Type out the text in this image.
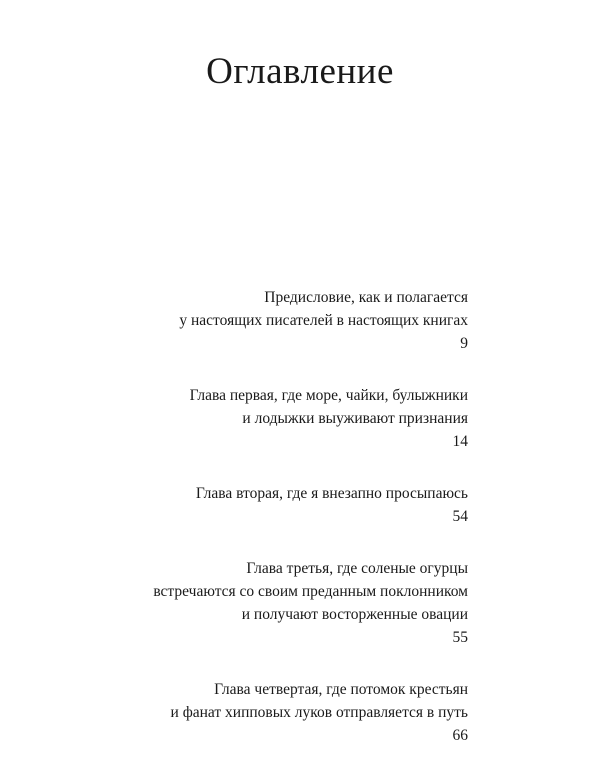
Оглавление
Предисловие, как и полагается
у настоящих писателей в настоящих книгах
9
Глава первая, где море, чайки, булыжники
и лодыжки выуживают признания
14
Глава вторая, где я внезапно просыпаюсь
54
Глава третья, где соленые огурцы
встречаются со своим преданным поклонником
и получают восторженные овации
55
Глава четвертая, где потомок крестьян
и фанат хипповых луков отправляется в путь
66
